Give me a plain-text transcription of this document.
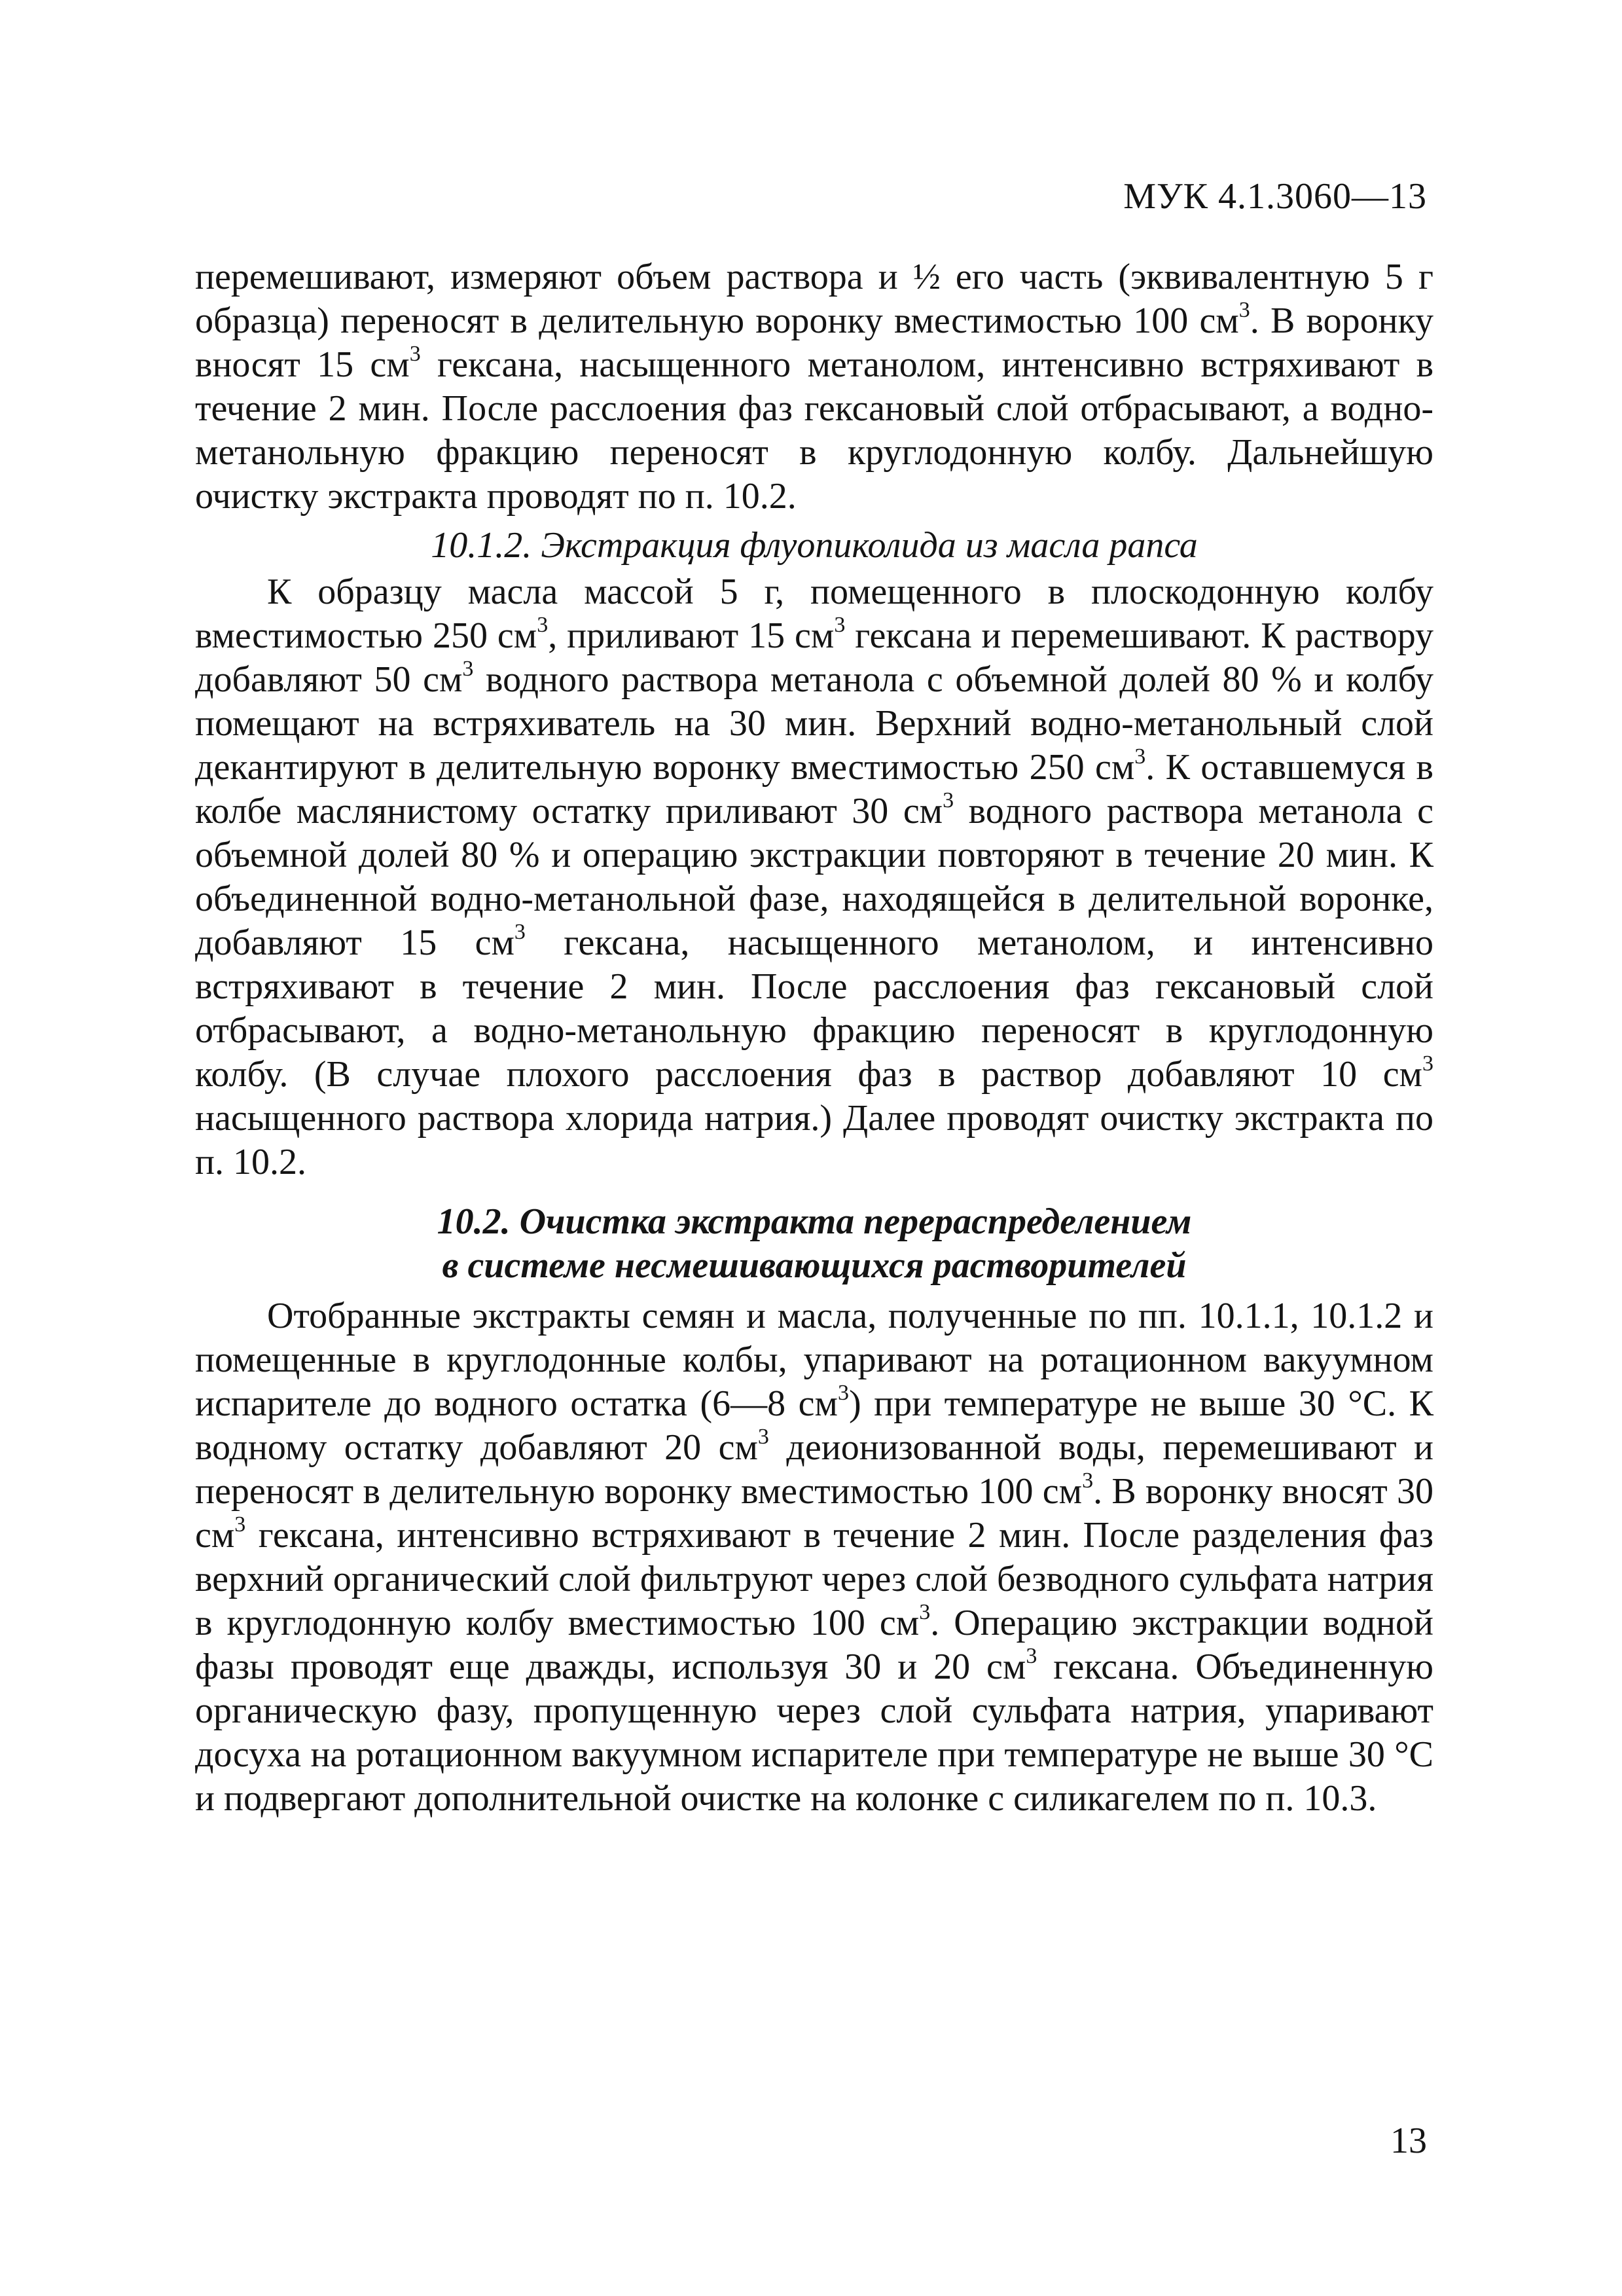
МУК 4.1.3060—13

перемешивают, измеряют объем раствора и ½ его часть (эквивалентную 5 г образца) переносят в делительную воронку вместимостью 100 $см^3$. В воронку вносят 15 $см^3$ гексана, насыщенного метанолом, интенсивно встряхивают в течение 2 мин. После расслоения фаз гексановый слой отбрасывают, а водно-метанольную фракцию переносят в круглодонную колбу. Дальнейшую очистку экстракта проводят по п. 10.2.

10.1.2. Экстракция флуопиколида из масла рапса

К образцу масла массой 5 г, помещенного в плоскодонную колбу вместимостью 250 $см^3$, приливают 15 $см^3$ гексана и перемешивают. К раствору добавляют 50 $см^3$ водного раствора метанола с объемной долей 80 % и колбу помещают на встряхиватель на 30 мин. Верхний водно-метанольный слой декантируют в делительную воронку вместимостью 250 $см^3$. К оставшемуся в колбе маслянистому остатку приливают 30 $см^3$ водного раствора метанола с объемной долей 80 % и операцию экстракции повторяют в течение 20 мин. К объединенной водно-метанольной фазе, находящейся в делительной воронке, добавляют 15 $см^3$ гексана, насыщенного метанолом, и интенсивно встряхивают в течение 2 мин. После расслоения фаз гексановый слой отбрасывают, а водно-метанольную фракцию переносят в круглодонную колбу. (В случае плохого расслоения фаз в раствор добавляют 10 $см^3$ насыщенного раствора хлорида натрия.) Далее проводят очистку экстракта по п. 10.2.

10.2. Очистка экстракта перераспределением
в системе несмешивающихся растворителей

Отобранные экстракты семян и масла, полученные по пп. 10.1.1, 10.1.2 и помещенные в круглодонные колбы, упаривают на ротационном вакуумном испарителе до водного остатка (6—8 $см^3$) при температуре не выше 30 °С. К водному остатку добавляют 20 $см^3$ деионизованной воды, перемешивают и переносят в делительную воронку вместимостью 100 $см^3$. В воронку вносят 30 $см^3$ гексана, интенсивно встряхивают в течение 2 мин. После разделения фаз верхний органический слой фильтруют через слой безводного сульфата натрия в круглодонную колбу вместимостью 100 $см^3$. Операцию экстракции водной фазы проводят еще дважды, используя 30 и 20 $см^3$ гексана. Объединенную органическую фазу, пропущенную через слой сульфата натрия, упаривают досуха на ротационном вакуумном испарителе при температуре не выше 30 °С и подвергают дополнительной очистке на колонке с силикагелем по п. 10.3.

13
